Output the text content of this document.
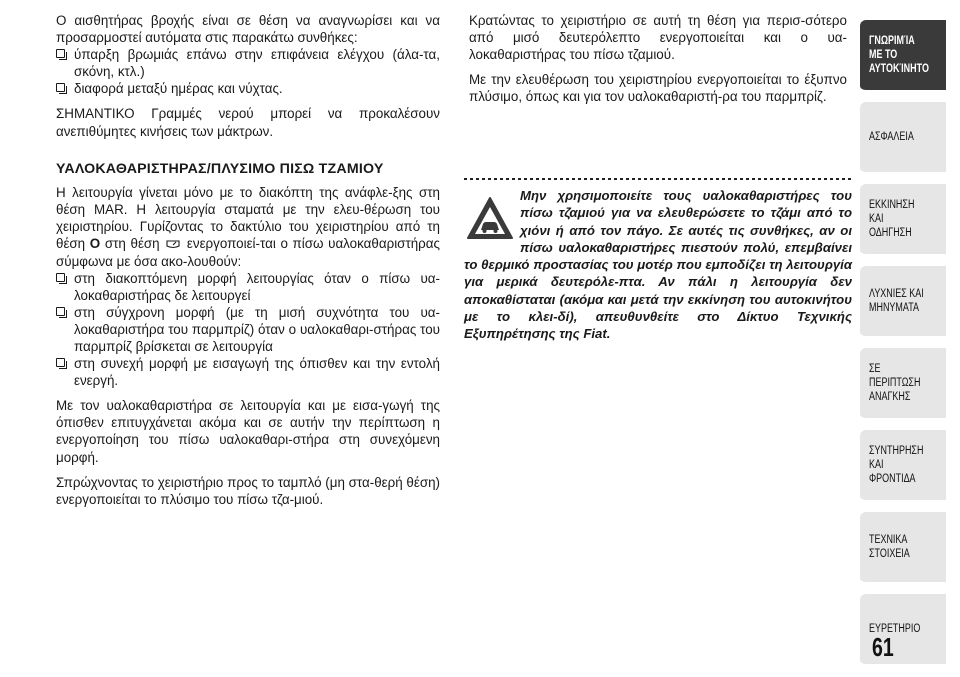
Ο αισθητήρας βροχής είναι σε θέση να αναγνωρίσει και να προσαρμοστεί αυτόματα στις παρακάτω συνθήκες:

ύπαρξη βρωμιάς επάνω στην επιφάνεια ελέγχου (άλα-τα, σκόνη, κτλ.)
διαφορά μεταξύ ημέρας και νύχτας.

ΣΗΜΑΝΤΙΚΟ Γραμμές νερού μπορεί να προκαλέσουν ανεπιθύμητες κινήσεις των μάκτρων.

ΥΑΛΟΚΑΘΑΡΙΣΤΗΡΑΣ/ΠΛΥΣΙΜΟ ΠΙΣΩ ΤΖΑΜΙΟΥ

Η λειτουργία γίνεται μόνο με το διακόπτη της ανάφλε-ξης στη θέση MAR. Η λειτουργία σταματά με την ελευ-θέρωση του χειριστηρίου. Γυρίζοντας το δακτύλιο του χειριστηρίου από τη θέση O στη θέση  ενεργοποιεί-ται ο πίσω υαλοκαθαριστήρας σύμφωνα με όσα ακο-λουθούν:

στη διακοπτόμενη μορφή λειτουργίας όταν ο πίσω υα-λοκαθαριστήρας δε λειτουργεί
στη σύγχρονη μορφή (με τη μισή συχνότητα του υα-λοκαθαριστήρα του παρμπρίζ) όταν ο υαλοκαθαρι-στήρας του παρμπρίζ βρίσκεται σε λειτουργία
στη συνεχή μορφή με εισαγωγή της όπισθεν και την εντολή ενεργή.

Με τον υαλοκαθαριστήρα σε λειτουργία και με εισα-γωγή της όπισθεν επιτυγχάνεται ακόμα και σε αυτήν την περίπτωση η ενεργοποίηση του πίσω υαλοκαθαρι-στήρα στη συνεχόμενη μορφή.

Σπρώχνοντας το χειριστήριο προς το ταμπλό (μη στα-θερή θέση) ενεργοποιείται το πλύσιμο του πίσω τζα-μιού.

Κρατώντας το χειριστήριο σε αυτή τη θέση για περισ-σότερο από μισό δευτερόλεπτο ενεργοποιείται και ο υα-λοκαθαριστήρας του πίσω τζαμιού.

Με την ελευθέρωση του χειριστηρίου ενεργοποιείται το έξυπνο πλύσιμο, όπως και για τον υαλοκαθαριστή-ρα του παρμπρίζ.

Μην χρησιμοποιείτε τους υαλοκαθαριστήρες του πίσω τζαμιού για να ελευθερώσετε το τζάμι από το χιόνι ή από τον πάγο. Σε αυτές τις συνθήκες, αν οι πίσω υαλοκαθαριστήρες πιεστούν πολύ, επεμβαίνει το θερμικό προστασίας του μοτέρ που εμποδίζει τη λειτουργία για μερικά δευτερόλε-πτα. Αν πάλι η λειτουργία δεν αποκαθίσταται (ακόμα και μετά την εκκίνηση του αυτοκινήτου με το κλει-δί), απευθυνθείτε στο Δίκτυο Τεχνικής Εξυπηρέτησης της Fiat.
ΓΝΩΡΙΜΊΑ ΜΕ ΤΟ
ΑΥΤΟΚΊΝΗΤΟ
ΑΣΦΑΛΕΙΑ
ΕΚΚΙΝΗΣΗ ΚΑΙ
ΟΔΗΓΗΣΗ
ΛΥΧΝΙΕΣ ΚΑΙ
ΜΗΝΥΜΑΤΑ
ΣΕ ΠΕΡΙΠΤΩΣΗ
ΑΝΑΓΚΗΣ
ΣΥΝΤΗΡΗΣΗ ΚΑΙ
ΦΡΟΝΤΙΔΑ
ΤΕΧΝΙΚΑ ΣΤΟΙΧΕΙΑ
ΕΥΡΕΤΗΡΙΟ
61
